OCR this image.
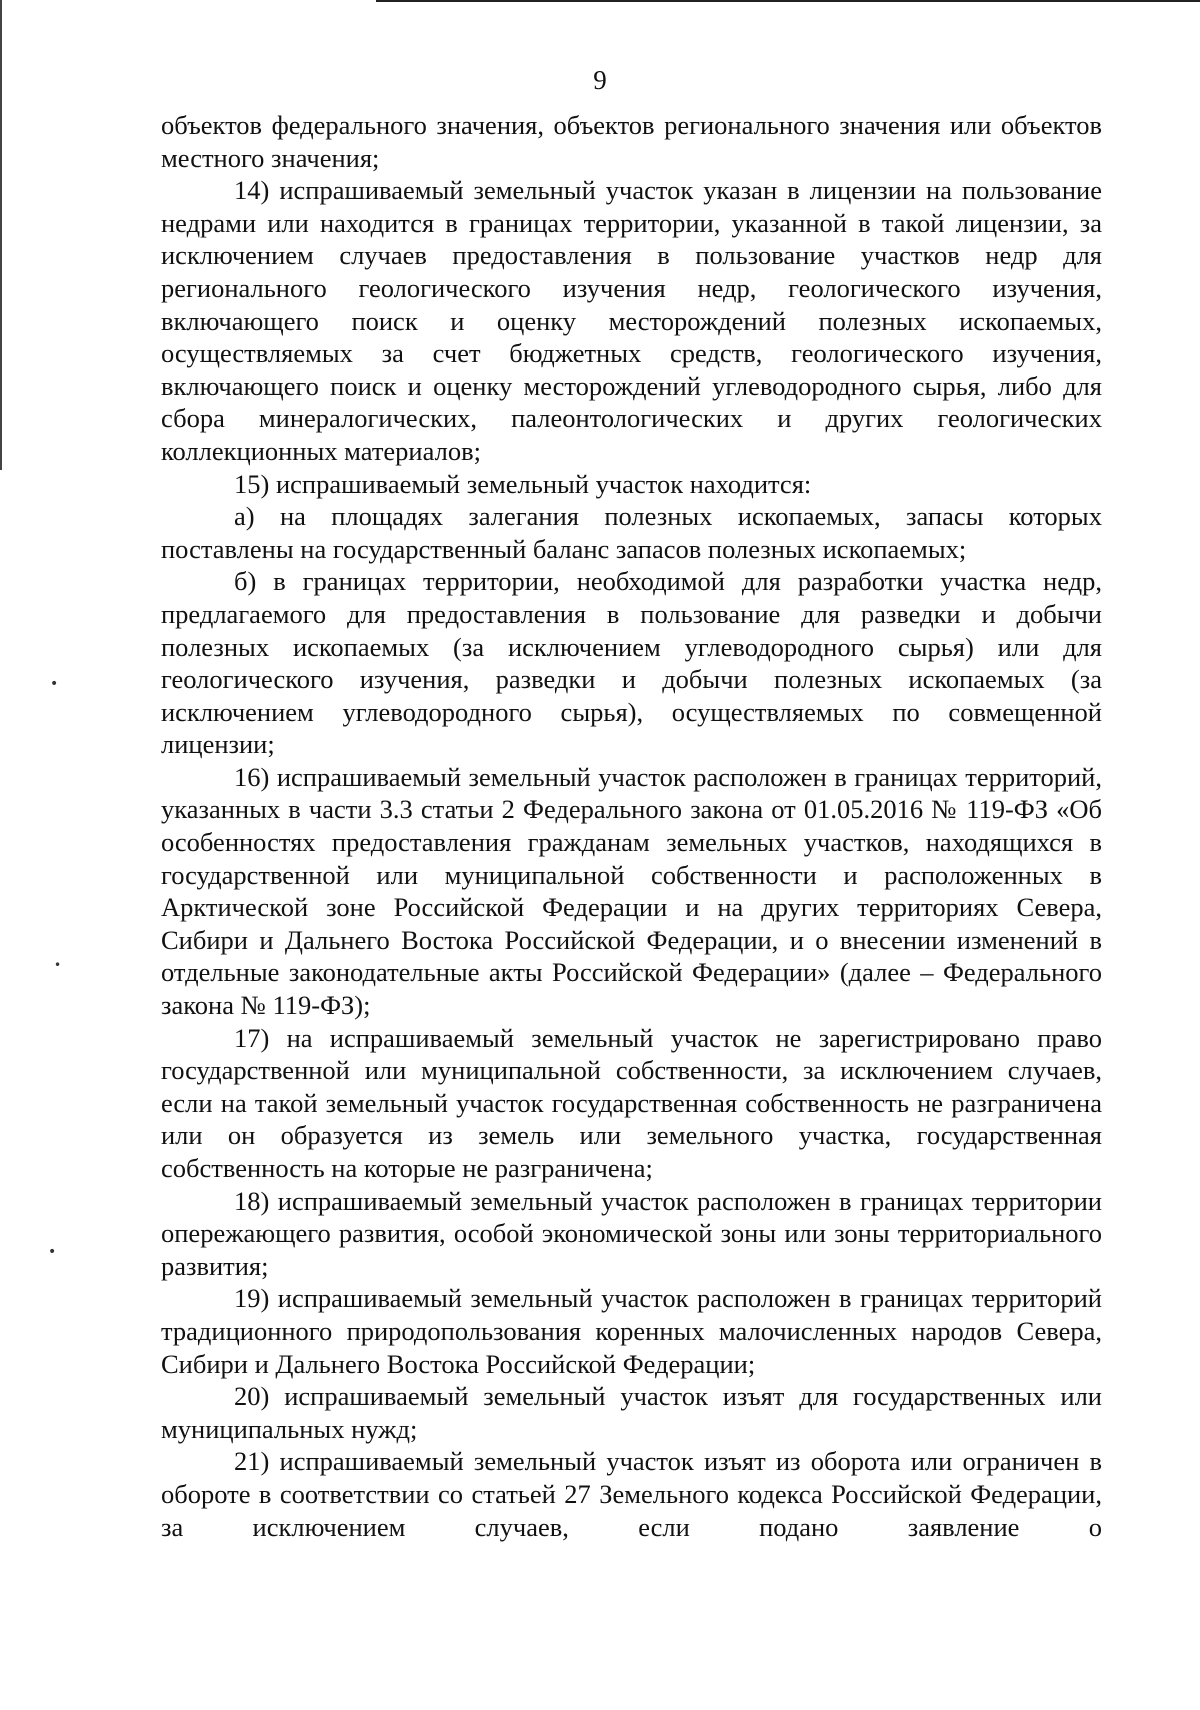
9

объектов федерального значения, объектов регионального значения или объектов местного значения;

14) испрашиваемый земельный участок указан в лицензии на пользование недрами или находится в границах территории, указанной в такой лицензии, за исключением случаев предоставления в пользование участков недр для регионального геологического изучения недр, геологического изучения, включающего поиск и оценку месторождений полезных ископаемых, осуществляемых за счет бюджетных средств, геологического изучения, включающего поиск и оценку месторождений углеводородного сырья, либо для сбора минералогических, палеонтологических и других геологических коллекционных материалов;

15) испрашиваемый земельный участок находится:

а) на площадях залегания полезных ископаемых, запасы которых поставлены на государственный баланс запасов полезных ископаемых;

б) в границах территории, необходимой для разработки участка недр, предлагаемого для предоставления в пользование для разведки и добычи полезных ископаемых (за исключением углеводородного сырья) или для геологического изучения, разведки и добычи полезных ископаемых (за исключением углеводородного сырья), осуществляемых по совмещенной лицензии;

16) испрашиваемый земельный участок расположен в границах территорий, указанных в части 3.3 статьи 2 Федерального закона от 01.05.2016 № 119-ФЗ «Об особенностях предоставления гражданам земельных участков, находящихся в государственной или муниципальной собственности и расположенных в Арктической зоне Российской Федерации и на других территориях Севера, Сибири и Дальнего Востока Российской Федерации, и о внесении изменений в отдельные законодательные акты Российской Федерации» (далее – Федерального закона № 119-ФЗ);

17) на испрашиваемый земельный участок не зарегистрировано право государственной или муниципальной собственности, за исключением случаев, если на такой земельный участок государственная собственность не разграничена или он образуется из земель или земельного участка, государственная собственность на которые не разграничена;

18) испрашиваемый земельный участок расположен в границах территории опережающего развития, особой экономической зоны или зоны территориального развития;

19) испрашиваемый земельный участок расположен в границах территорий традиционного природопользования коренных малочисленных народов Севера, Сибири и Дальнего Востока Российской Федерации;

20) испрашиваемый земельный участок изъят для государственных или муниципальных нужд;

21) испрашиваемый земельный участок изъят из оборота или ограничен в обороте в соответствии со статьей 27 Земельного кодекса Российской Федерации, за исключением случаев, если подано заявление о

•
•
•
